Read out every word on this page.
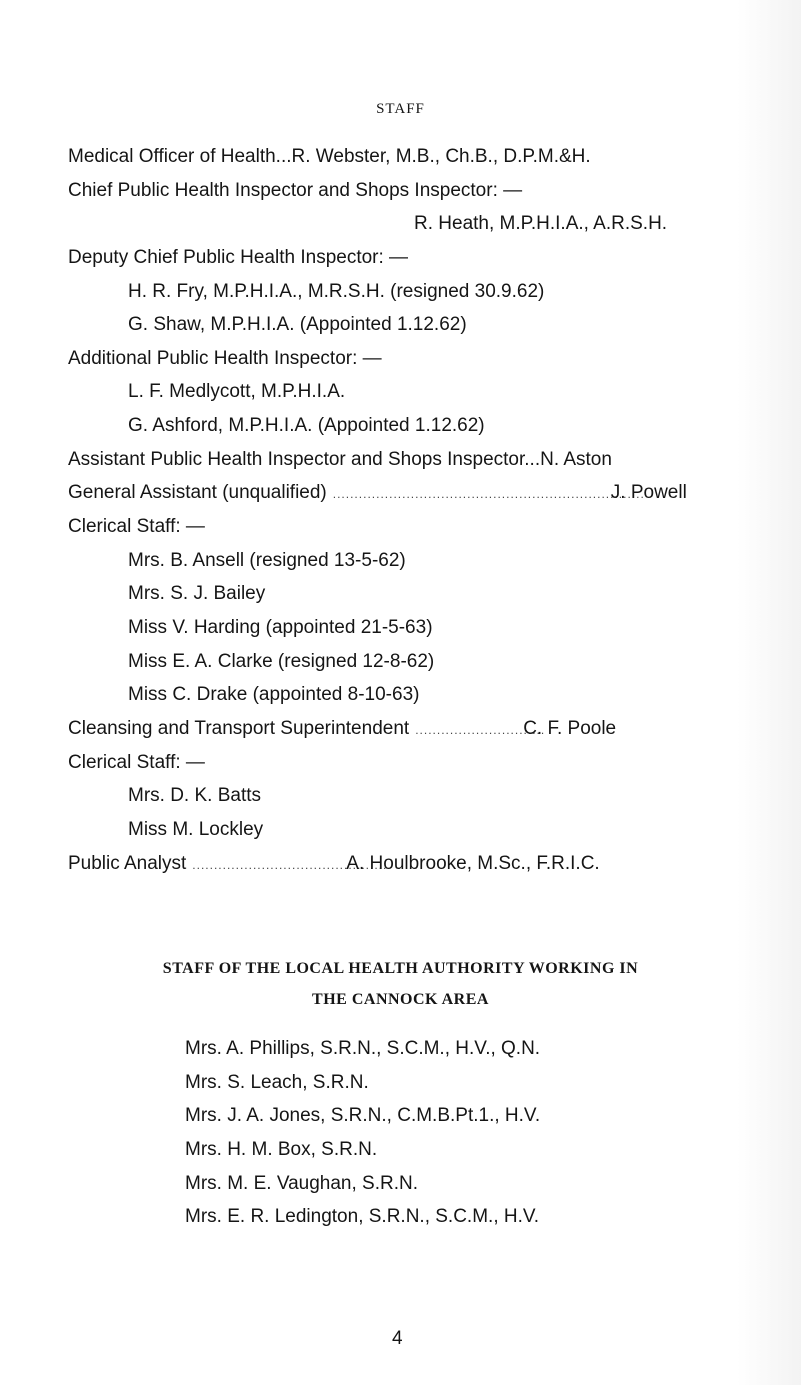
STAFF
Medical Officer of Health...R. Webster, M.B., Ch.B., D.P.M.&H.
Chief Public Health Inspector and Shops Inspector: —
R. Heath, M.P.H.I.A., A.R.S.H.
Deputy Chief Public Health Inspector: —
H. R. Fry, M.P.H.I.A., M.R.S.H. (resigned 30.9.62)
G. Shaw, M.P.H.I.A. (Appointed 1.12.62)
Additional Public Health Inspector: —
L. F. Medlycott, M.P.H.I.A.
G. Ashford, M.P.H.I.A. (Appointed 1.12.62)
Assistant Public Health Inspector and Shops Inspector...N. Aston
General Assistant (unqualified) ........................................................................
J. Powell
Clerical Staff: —
Mrs. B. Ansell (resigned 13-5-62)
Mrs. S. J. Bailey
Miss V. Harding (appointed 21-5-63)
Miss E. A. Clarke (resigned 12-8-62)
Miss C. Drake (appointed 8-10-63)
Cleansing and Transport Superintendent ..............................
C. F. Poole
Clerical Staff: —
Mrs. D. K. Batts
Miss M. Lockley
Public Analyst .............................................
A. Houlbrooke, M.Sc., F.R.I.C.
STAFF OF THE LOCAL HEALTH AUTHORITY WORKING IN
THE CANNOCK AREA
Mrs. A. Phillips, S.R.N., S.C.M., H.V., Q.N.
Mrs. S. Leach, S.R.N.
Mrs. J. A. Jones, S.R.N., C.M.B.Pt.1., H.V.
Mrs. H. M. Box, S.R.N.
Mrs. M. E. Vaughan, S.R.N.
Mrs. E. R. Ledington, S.R.N., S.C.M., H.V.
4
